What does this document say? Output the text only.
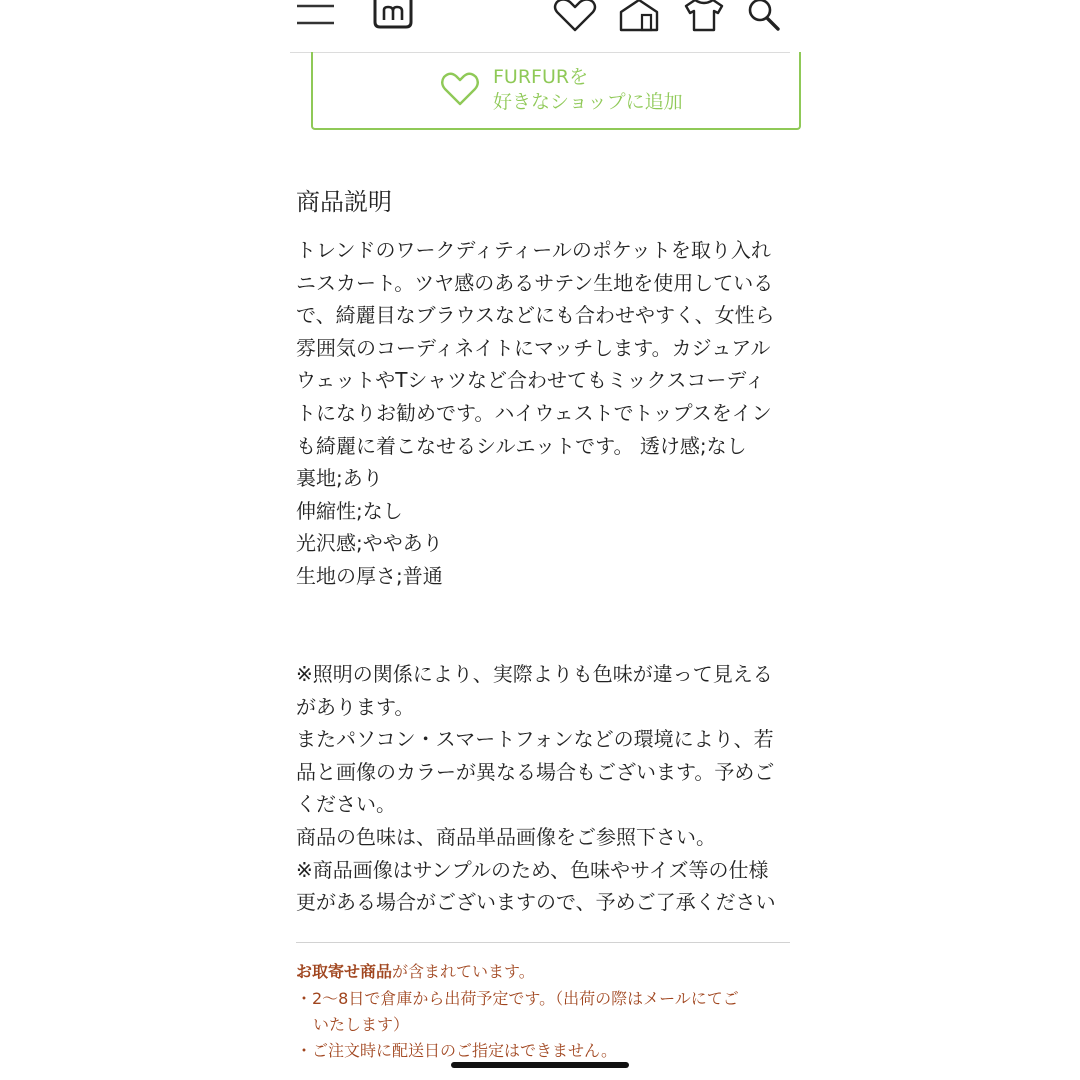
FURFURを
好きなショップに追加
商品説明
トレンドのワークディティールのポケットを取り入れ
ニスカート。ツヤ感のあるサテン生地を使用している
で、綺麗目なブラウスなどにも合わせやすく、女性ら
雰囲気のコーディネイトにマッチします。カジュアル
ウェットやTシャツなど合わせてもミックスコーディ
トになりお勧めです。ハイウェストでトップスをイン
も綺麗に着こなせるシルエットです。 透け感;なし
裏地;あり
伸縮性;なし
光沢感;ややあり
生地の厚さ;普通
※照明の関係により、実際よりも色味が違って見える
があります。
またパソコン・スマートフォンなどの環境により、若
品と画像のカラーが異なる場合もございます。予めご
ください。
商品の色味は、商品単品画像をご参照下さい。
※商品画像はサンプルのため、色味やサイズ等の仕様
更がある場合がございますので、予めご了承ください
お取寄せ商品が含まれています。
・2〜8日で倉庫から出荷予定です。（出荷の際はメールにてご
いたします）
・ご注文時に配送日のご指定はできません。
